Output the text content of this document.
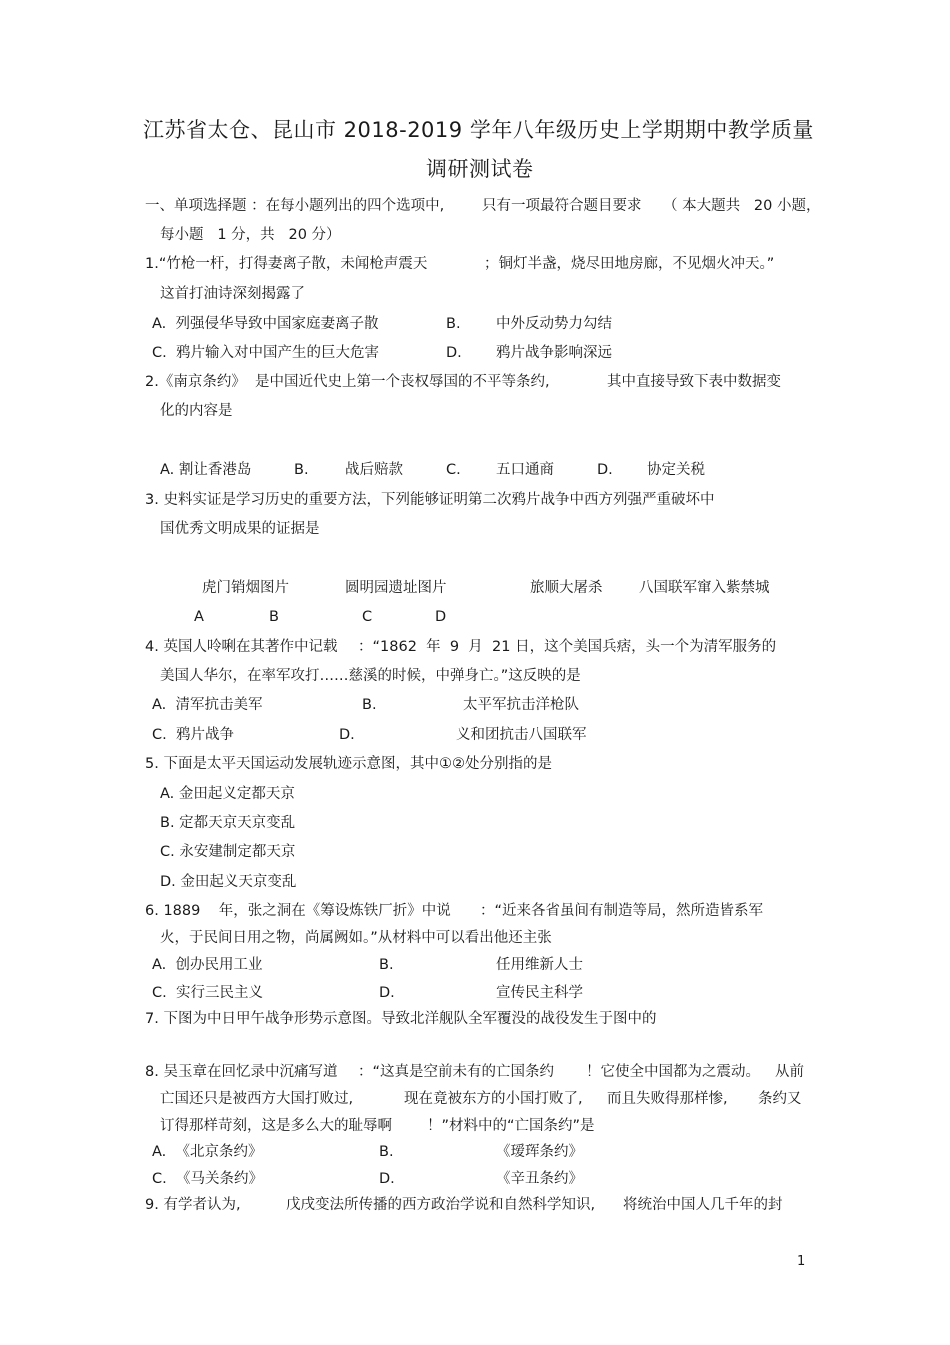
江苏省太仓、昆山市 2018-2019 学年八年级历史上学期期中教学质量
调研测试卷
一、单项选择题 ：在每小题列出的四个选项中,	只有一项最符合题目要求 （ 本大题共   20 小题，
每小题   1 分，共   20 分）
1.“竹枪一杆，打得妻离子散，未闻枪声震天	；铜灯半盏，烧尽田地房廊，不见烟火冲天。”
这首打油诗深刻揭露了
A.  列强侵华导致中国家庭妻离子散	B. 中外反动势力勾结
C.  鸦片输入对中国产生的巨大危害	D. 鸦片战争影响深远
2.《南京条约》  是中国近代史上第一个丧权辱国的不平等条约,	其中直接导致下表中数据变
化的内容是
A. 割让香港岛	B.	战后赔款	C. 五口通商	D. 协定关税
3. 史料实证是学习历史的重要方法，下列能够证明第二次鸦片战争中西方列强严重破坏中
国优秀文明成果的证据是
虎门销烟图片	圆明园遗址图片	旅顺大屠杀	八国联军窜入紫禁城
A	B	C	D
4. 英国人呤唎在其著作中记载 ：“1862  年  9  月  21 日，这个美国兵痞，头一个为清军服务的
美国人华尔，在率军攻打……慈溪的时候，中弹身亡。”这反映的是
A.  清军抗击美军	B.	太平军抗击洋枪队
C.  鸦片战争	D.	义和团抗击八国联军
5. 下面是太平天国运动发展轨迹示意图，其中①②处分别指的是
A. 金田起义定都天京
B. 定都天京天京变乱
C. 永安建制定都天京
D. 金田起义天京变乱
6. 1889    年，张之洞在《筹设炼铁厂折》中说 ：“近来各省虽间有制造等局，然所造皆系军
火，于民间日用之物，尚属阙如。”从材料中可以看出他还主张
A.  创办民用工业	B.	任用维新人士
C.  实行三民主义	D.	宣传民主科学
7. 下图为中日甲午战争形势示意图。导致北洋舰队全军覆没的战役发生于图中的
8. 吴玉章在回忆录中沉痛写道 ：“这真是空前未有的亡国条约 ！它使全中国都为之震动。 从前
亡国还只是被西方大国打败过,	现在竟被东方的小国打败了, 而且失败得那样惨, 条约又
订得那样苛刻，这是多么大的耻辱啊 ！”材料中的“亡国条约”是
A.  《北京条约》	B.	《瑷珲条约》
C.  《马关条约》	D.	《辛丑条约》
9. 有学者认为,	戊戌变法所传播的西方政治学说和自然科学知识, 将统治中国人几千年的封
1
